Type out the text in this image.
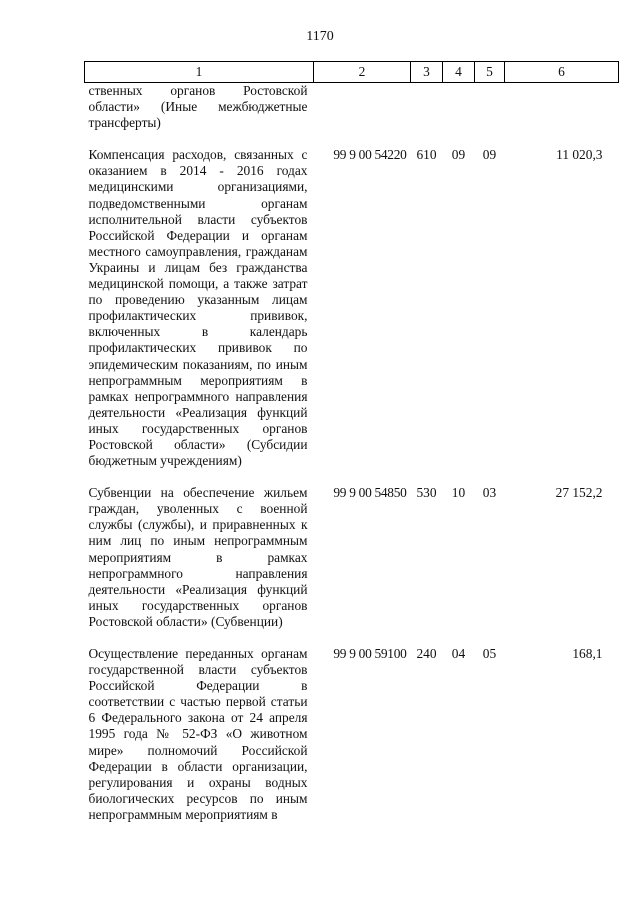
1170
1	2	3	4	5	6
ственных органов Ростовской области» (Иные межбюджетные трансферты)					
Компенсация расходов, связанных с оказанием в 2014 - 2016 годах медицинскими организациями, подведомственными органам исполнительной власти субъектов Российской Федерации и органам местного самоуправления, гражданам Украины и лицам без гражданства медицинской помощи, а также затрат по проведению указанным лицам профилактических прививок, включенных в календарь профилактических прививок по эпидемическим показаниям, по иным непрограммным мероприятиям в рамках непрограммного направления деятельности «Реализация функций иных государственных органов Ростовской области» (Субсидии бюджетным учреждениям)	99 9 00 54220	610	09	09	11 020,3
Субвенции на обеспечение жильем граждан, уволенных с военной службы (службы), и приравненных к ним лиц по иным непрограммным мероприятиям в рамках непрограммного направления деятельности «Реализация функций иных государственных органов Ростовской области» (Субвенции)	99 9 00 54850	530	10	03	27 152,2
Осуществление переданных органам государственной власти субъектов Российской Федерации в соответствии с частью первой статьи 6 Федерального закона от 24 апреля 1995 года № 52-ФЗ «О животном мире» полномочий Российской Федерации в области организации, регулирования и охраны водных биологических ресурсов по иным непрограммным мероприятиям в	99 9 00 59100	240	04	05	168,1
